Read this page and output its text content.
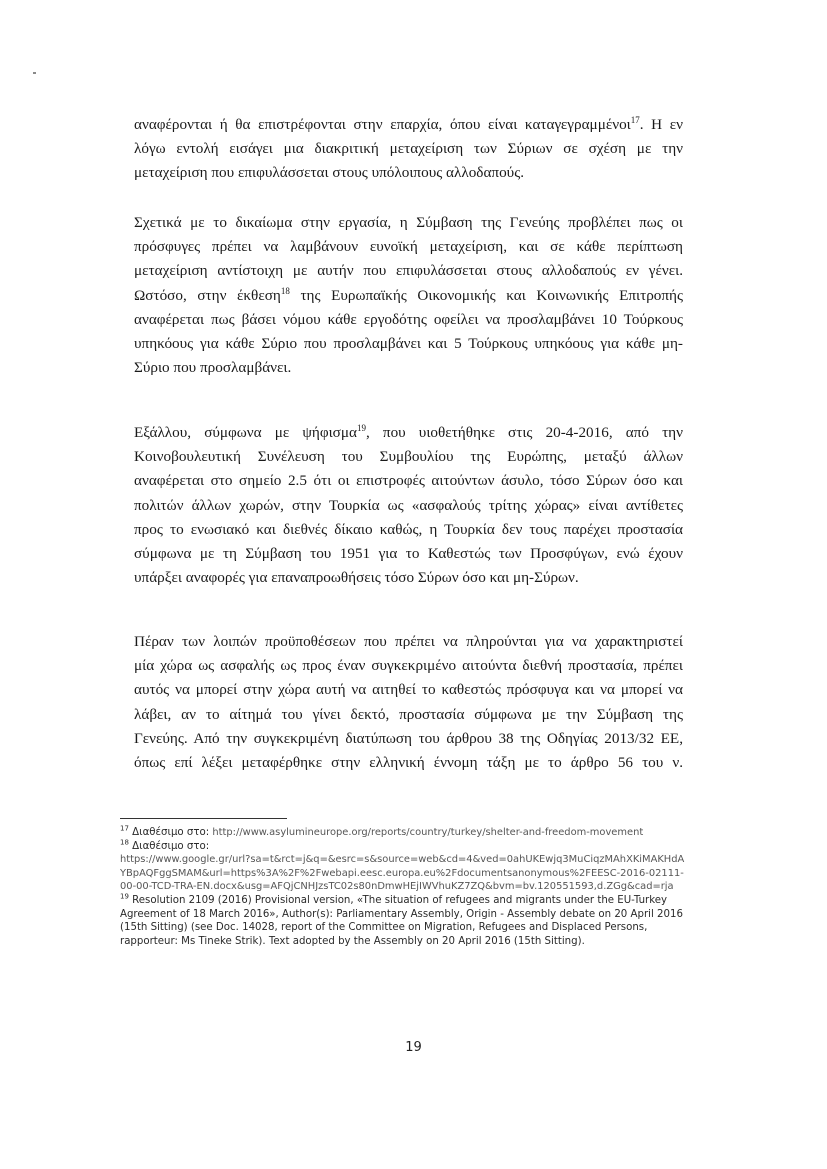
αναφέρονται ή θα επιστρέφονται στην επαρχία, όπου είναι καταγεγραμμένοι$^{17}$. Η εν
λόγω εντολή εισάγει μια διακριτική μεταχείριση των Σύριων σε σχέση με την
μεταχείριση που επιφυλάσσεται στους υπόλοιπους αλλοδαπούς.
Σχετικά με το δικαίωμα στην εργασία, η Σύμβαση της Γενεύης προβλέπει πως οι
πρόσφυγες πρέπει να λαμβάνουν ευνοϊκή μεταχείριση, και σε κάθε περίπτωση
μεταχείριση αντίστοιχη με αυτήν που επιφυλάσσεται στους αλλοδαπούς εν γένει.
Ωστόσο, στην έκθεση$^{18}$ της Ευρωπαϊκής Οικονομικής και Κοινωνικής Επιτροπής
αναφέρεται πως βάσει νόμου κάθε εργοδότης οφείλει να προσλαμβάνει 10 Τούρκους
υπηκόους για κάθε Σύριο που προσλαμβάνει και 5 Τούρκους υπηκόους για κάθε μη-
Σύριο που προσλαμβάνει.
Εξάλλου, σύμφωνα με ψήφισμα$^{19}$, που υιοθετήθηκε στις 20-4-2016, από την
Κοινοβουλευτική Συνέλευση του Συμβουλίου της Ευρώπης, μεταξύ άλλων
αναφέρεται στο σημείο 2.5 ότι οι επιστροφές αιτούντων άσυλο, τόσο Σύρων όσο και
πολιτών άλλων χωρών, στην Τουρκία ως «ασφαλούς τρίτης χώρας» είναι αντίθετες
προς το ενωσιακό και διεθνές δίκαιο καθώς, η Τουρκία δεν τους παρέχει προστασία
σύμφωνα με τη Σύμβαση του 1951 για το Καθεστώς των Προσφύγων, ενώ έχουν
υπάρξει αναφορές για επαναπροωθήσεις τόσο Σύρων όσο και μη-Σύρων.
Πέραν των λοιπών προϋποθέσεων που πρέπει να πληρούνται για να χαρακτηριστεί
μία χώρα ως ασφαλής ως προς έναν συγκεκριμένο αιτούντα διεθνή προστασία, πρέπει
αυτός να μπορεί στην χώρα αυτή να αιτηθεί το καθεστώς πρόσφυγα και να μπορεί να
λάβει, αν το αίτημά του γίνει δεκτό, προστασία σύμφωνα με την Σύμβαση της
Γενεύης. Από την συγκεκριμένη διατύπωση του άρθρου 38 της Οδηγίας 2013/32 ΕΕ,
όπως επί λέξει μεταφέρθηκε στην ελληνική έννομη τάξη με το άρθρο 56 του ν.

$^{17}$ Διαθέσιμο στο: http://www.asylumineurope.org/reports/country/turkey/shelter-and-freedom-movement

$^{18}$ Διαθέσιμο στο:
https://www.google.gr/url?sa=t&rct=j&q=&esrc=s&source=web&cd=4&ved=0ahUKEwjq3MuCiqzMAhXKiMAKHdAYBpAQFggSMAM&url=https%3A%2F%2Fwebapi.eesc.europa.eu%2Fdocumentsanonymous%2FEESC-2016-02111-00-00-TCD-TRA-EN.docx&usg=AFQjCNHJzsTC02s80nDmwHEjIWVhuKZ7ZQ&bvm=bv.120551593,d.ZGg&cad=rja

$^{19}$ Resolution 2109 (2016) Provisional version, «The situation of refugees and migrants under the EU-Turkey Agreement of 18 March 2016», Author(s): Parliamentary Assembly, Origin - Assembly debate on 20 April 2016 (15th Sitting) (see Doc. 14028, report of the Committee on Migration, Refugees and Displaced Persons, rapporteur: Ms Tineke Strik). Text adopted by the Assembly on 20 April 2016 (15th Sitting).

19
